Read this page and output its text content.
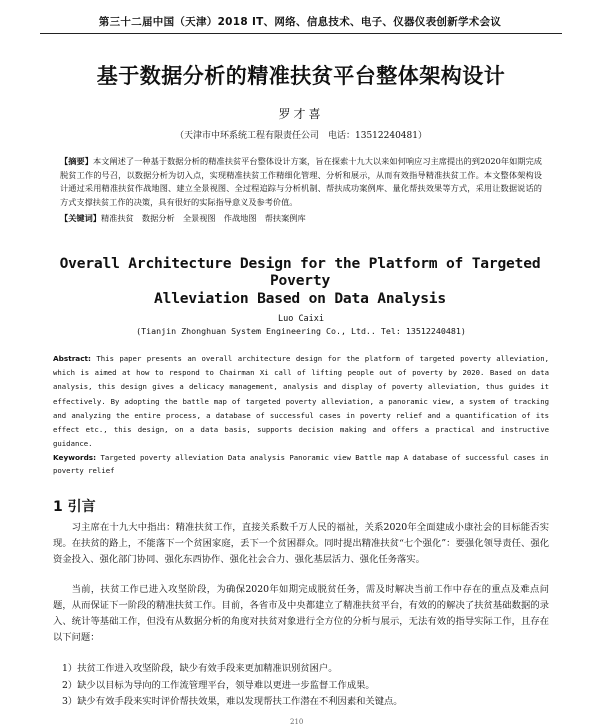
第三十二届中国（天津）2018 IT、网络、信息技术、电子、仪器仪表创新学术会议
基于数据分析的精准扶贫平台整体架构设计
罗才喜
（天津市中环系统工程有限责任公司　电话：13512240481）

【摘要】本文阐述了一种基于数据分析的精准扶贫平台整体设计方案，旨在探索十九大以来如何响应习主席提出的到2020年如期完成脱贫工作的号召，以数据分析为切入点，实现精准扶贫工作精细化管理、分析和展示，从而有效指导精准扶贫工作。本文整体架构设计通过采用精准扶贫作战地图、建立全景视图、全过程追踪与分析机制、帮扶成功案例库、量化帮扶效果等方式，采用让数据说话的方式支撑扶贫工作的决策，具有很好的实际指导意义及参考价值。

【关键词】精准扶贫　数据分析　全景视图　作战地图　帮扶案例库

Overall Architecture Design for the Platform of Targeted Poverty
Alleviation Based on Data Analysis
Luo Caixi
(Tianjin Zhonghuan System Engineering Co., Ltd.. Tel: 13512240481)

Abstract: This paper presents an overall architecture design for the platform of targeted poverty alleviation, which is aimed at how to respond to Chairman Xi call of lifting people out of poverty by 2020. Based on data analysis, this design gives a delicacy management, analysis and display of poverty alleviation, thus guides it effectively. By adopting the battle map of targeted poverty alleviation, a panoramic view, a system of tracking and analyzing the entire process, a database of successful cases in poverty relief and a quantification of its effect etc., this design, on a data basis, supports decision making and offers a practical and instructive guidance.

Keywords: Targeted poverty alleviation Data analysis Panoramic view Battle map A database of successful cases in poverty relief

1 引言

习主席在十九大中指出：精准扶贫工作，直接关系数千万人民的福祉，关系2020年全面建成小康社会的目标能否实现。在扶贫的路上，不能落下一个贫困家庭，丢下一个贫困群众。同时提出精准扶贫“七个强化”：要强化领导责任、强化资金投入、强化部门协同、强化东西协作、强化社会合力、强化基层活力、强化任务落实。

当前，扶贫工作已进入攻坚阶段，为确保2020年如期完成脱贫任务，需及时解决当前工作中存在的重点及难点问题，从而保证下一阶段的精准扶贫工作。目前，各省市及中央都建立了精准扶贫平台，有效的的解决了扶贫基础数据的录入、统计等基础工作，但没有从数据分析的角度对扶贫对象进行全方位的分析与展示，无法有效的指导实际工作，且存在以下问题：

1）扶贫工作进入攻坚阶段，缺少有效手段来更加精准识别贫困户。
2）缺少以目标为导向的工作流管理平台，领导难以更进一步监督工作成果。
3）缺少有效手段来实时评价帮扶效果，难以发现帮扶工作潜在不利因素和关键点。
210
